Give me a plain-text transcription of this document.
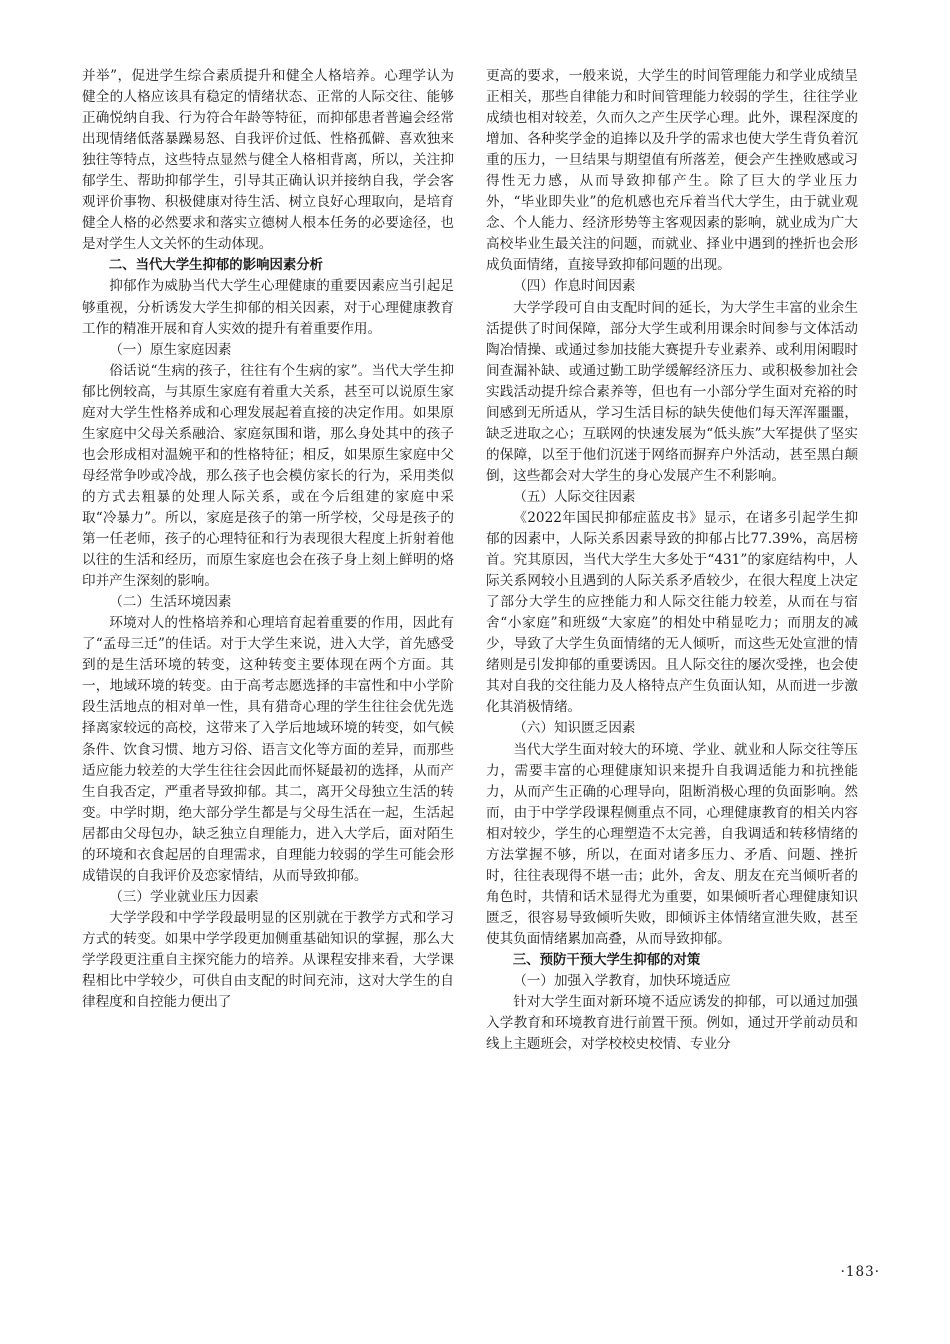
并举”，促进学生综合素质提升和健全人格培养。心理学认为健全的人格应该具有稳定的情绪状态、正常的人际交往、能够正确悦纳自我、行为符合年龄等特征，而抑郁患者普遍会经常出现情绪低落暴躁易怒、自我评价过低、性格孤僻、喜欢独来独往等特点，这些特点显然与健全人格相背离，所以，关注抑郁学生、帮助抑郁学生，引导其正确认识并接纳自我，学会客观评价事物、积极健康对待生活、树立良好心理取向，是培育健全人格的必然要求和落实立德树人根本任务的必要途径，也是对学生人文关怀的生动体现。

二、当代大学生抑郁的影响因素分析

抑郁作为威胁当代大学生心理健康的重要因素应当引起足够重视，分析诱发大学生抑郁的相关因素，对于心理健康教育工作的精准开展和育人实效的提升有着重要作用。

（一）原生家庭因素

俗话说“生病的孩子，往往有个生病的家”。当代大学生抑郁比例较高，与其原生家庭有着重大关系，甚至可以说原生家庭对大学生性格养成和心理发展起着直接的决定作用。如果原生家庭中父母关系融洽、家庭氛围和谐，那么身处其中的孩子也会形成相对温婉平和的性格特征；相反，如果原生家庭中父母经常争吵或冷战，那么孩子也会模仿家长的行为，采用类似的方式去粗暴的处理人际关系，或在今后组建的家庭中采取“冷暴力”。所以，家庭是孩子的第一所学校，父母是孩子的第一任老师，孩子的心理特征和行为表现很大程度上折射着他以往的生活和经历，而原生家庭也会在孩子身上刻上鲜明的烙印并产生深刻的影响。

（二）生活环境因素

环境对人的性格培养和心理培育起着重要的作用，因此有了“孟母三迁”的佳话。对于大学生来说，进入大学，首先感受到的是生活环境的转变，这种转变主要体现在两个方面。其一，地域环境的转变。由于高考志愿选择的丰富性和中小学阶段生活地点的相对单一性，具有猎奇心理的学生往往会优先选择离家较远的高校，这带来了入学后地域环境的转变，如气候条件、饮食习惯、地方习俗、语言文化等方面的差异，而那些适应能力较差的大学生往往会因此而怀疑最初的选择，从而产生自我否定，严重者导致抑郁。其二，离开父母独立生活的转变。中学时期，绝大部分学生都是与父母生活在一起，生活起居都由父母包办，缺乏独立自理能力，进入大学后，面对陌生的环境和衣食起居的自理需求，自理能力较弱的学生可能会形成错误的自我评价及恋家情结，从而导致抑郁。

（三）学业就业压力因素

大学学段和中学学段最明显的区别就在于教学方式和学习方式的转变。如果中学学段更加侧重基础知识的掌握，那么大学学段更注重自主探究能力的培养。从课程安排来看，大学课程相比中学较少，可供自由支配的时间充沛，这对大学生的自律程度和自控能力便出了

更高的要求，一般来说，大学生的时间管理能力和学业成绩呈正相关，那些自律能力和时间管理能力较弱的学生，往往学业成绩也相对较差，久而久之产生厌学心理。此外，课程深度的增加、各种奖学金的追捧以及升学的需求也使大学生背负着沉重的压力，一旦结果与期望值有所落差，便会产生挫败感或习得性无力感，从而导致抑郁产生。除了巨大的学业压力外，“毕业即失业”的危机感也充斥着当代大学生，由于就业观念、个人能力、经济形势等主客观因素的影响，就业成为广大高校毕业生最关注的问题，而就业、择业中遇到的挫折也会形成负面情绪，直接导致抑郁问题的出现。

（四）作息时间因素

大学学段可自由支配时间的延长，为大学生丰富的业余生活提供了时间保障，部分大学生或利用课余时间参与文体活动陶冶情操、或通过参加技能大赛提升专业素养、或利用闲暇时间查漏补缺、或通过勤工助学缓解经济压力、或积极参加社会实践活动提升综合素养等，但也有一小部分学生面对充裕的时间感到无所适从，学习生活目标的缺失使他们每天浑浑噩噩，缺乏进取之心；互联网的快速发展为“低头族”大军提供了坚实的保障，以至于他们沉迷于网络而摒弃户外活动，甚至黑白颠倒，这些都会对大学生的身心发展产生不利影响。

（五）人际交往因素

《2022年国民抑郁症蓝皮书》显示，在诸多引起学生抑郁的因素中，人际关系因素导致的抑郁占比77.39%，高居榜首。究其原因，当代大学生大多处于“431”的家庭结构中，人际关系网较小且遇到的人际关系矛盾较少，在很大程度上决定了部分大学生的应挫能力和人际交往能力较差，从而在与宿舍“小家庭”和班级“大家庭”的相处中稍显吃力；而朋友的减少，导致了大学生负面情绪的无人倾听，而这些无处宣泄的情绪则是引发抑郁的重要诱因。且人际交往的屡次受挫，也会使其对自我的交往能力及人格特点产生负面认知，从而进一步激化其消极情绪。

（六）知识匮乏因素

当代大学生面对较大的环境、学业、就业和人际交往等压力，需要丰富的心理健康知识来提升自我调适能力和抗挫能力，从而产生正确的心理导向，阻断消极心理的负面影响。然而，由于中学学段课程侧重点不同，心理健康教育的相关内容相对较少，学生的心理塑造不太完善，自我调适和转移情绪的方法掌握不够，所以，在面对诸多压力、矛盾、问题、挫折时，往往表现得不堪一击；此外，舍友、朋友在充当倾听者的角色时，共情和话术显得尤为重要，如果倾听者心理健康知识匮乏，很容易导致倾听失败，即倾诉主体情绪宣泄失败，甚至使其负面情绪累加高叠，从而导致抑郁。

三、预防干预大学生抑郁的对策

（一）加强入学教育，加快环境适应

针对大学生面对新环境不适应诱发的抑郁，可以通过加强入学教育和环境教育进行前置干预。例如，通过开学前动员和线上主题班会，对学校校史校情、专业分

·183·
